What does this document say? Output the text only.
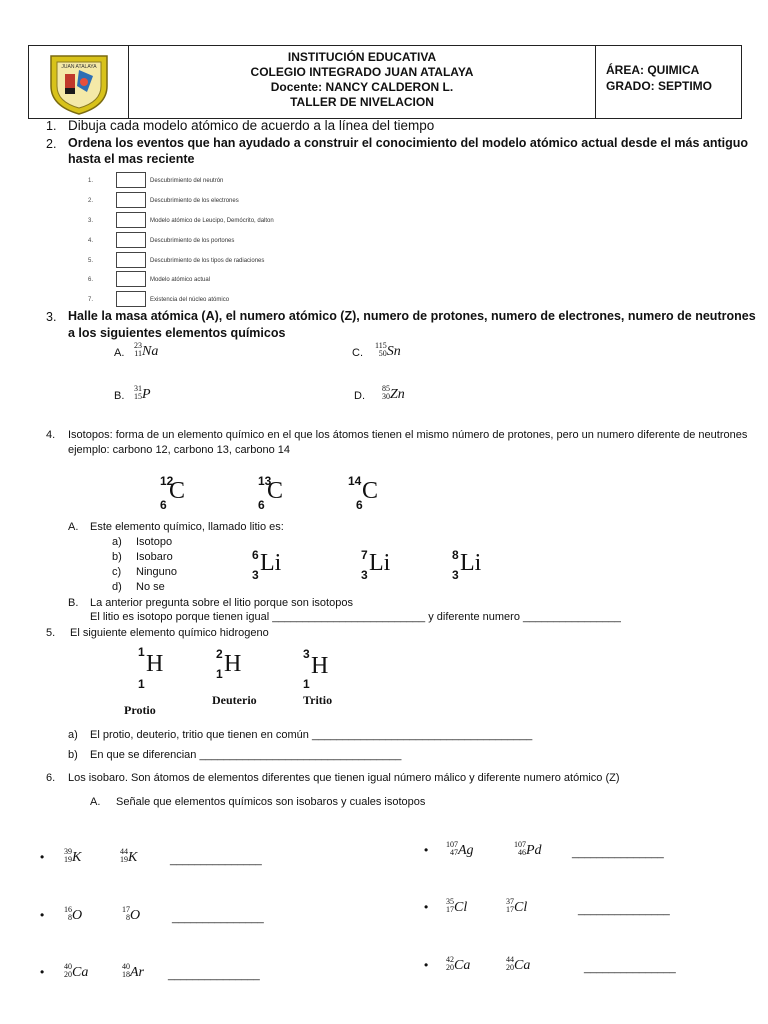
JUAN ATALAYA
INSTITUCIÓN EDUCATIVA
COLEGIO INTEGRADO JUAN ATALAYA
Docente: NANCY CALDERON L.
TALLER DE NIVELACION
ÁREA: QUIMICA
GRADO: SEPTIMO
1. Dibuja cada modelo atómico de acuerdo a la línea del tiempo
2. Ordena los eventos que han ayudado a construir el conocimiento del modelo atómico actual desde el más antiguo
hasta el mas reciente
1.	Descubrimiento del neutrón
2.	Descubrimiento de los electrones
3.	Modelo atómico de Leucipo, Demócrito, dalton
4.	Descubrimiento de los portones
5.	Descubrimiento de los tipos de radiaciones
6.	Modelo atómico actual
7.	Existencia del núcleo atómico
3. Halle la masa atómica (A), el numero atómico (Z), numero de protones, numero de electrones, numero de neutrones
a los siguientes elementos químicos
A.
23
11Na	C.
115
50Sn
B.
31
15P	D.
85
30Zn
4. Isotopos: forma de un elemento químico en el que los átomos tienen el mismo número de protones, pero un numero diferente de neutrones
ejemplo: carbono 12, carbono 13, carbono 14
12
6
C	13
6
C	14
6
C
A. Este elemento químico, llamado litio es:
a) Isotopo
b) Isobaro
c) Ninguno
d) No se
6
3 Li	7
3 Li	8
3 Li
B. La anterior pregunta sobre el litio porque son isotopos
El litio es isotopo porque tienen igual _________________________ y diferente numero ________________
5. El siguiente elemento químico hidrogeno
1
1
H
Protio
2
1 H
Deuterio
3
1
H
Tritio
a) El protio, deuterio, tritio que tienen en común ____________________________________
b) En que se diferencian _________________________________
6. Los isobaro. Son átomos de elementos diferentes que tienen igual número málico y diferente numero atómico (Z)
A. Señale que elementos químicos son isobaros y cuales isotopos
• 39
19K	44
19K	_______________
• 16
8O	17
8O	_______________
• 40
20Ca	40
18Ar _______________
• 107
47Ag	107
46Pd	_______________
• 35
17Cl	37
17Cl	_______________
• 42
20Ca	44
20Ca	_______________
